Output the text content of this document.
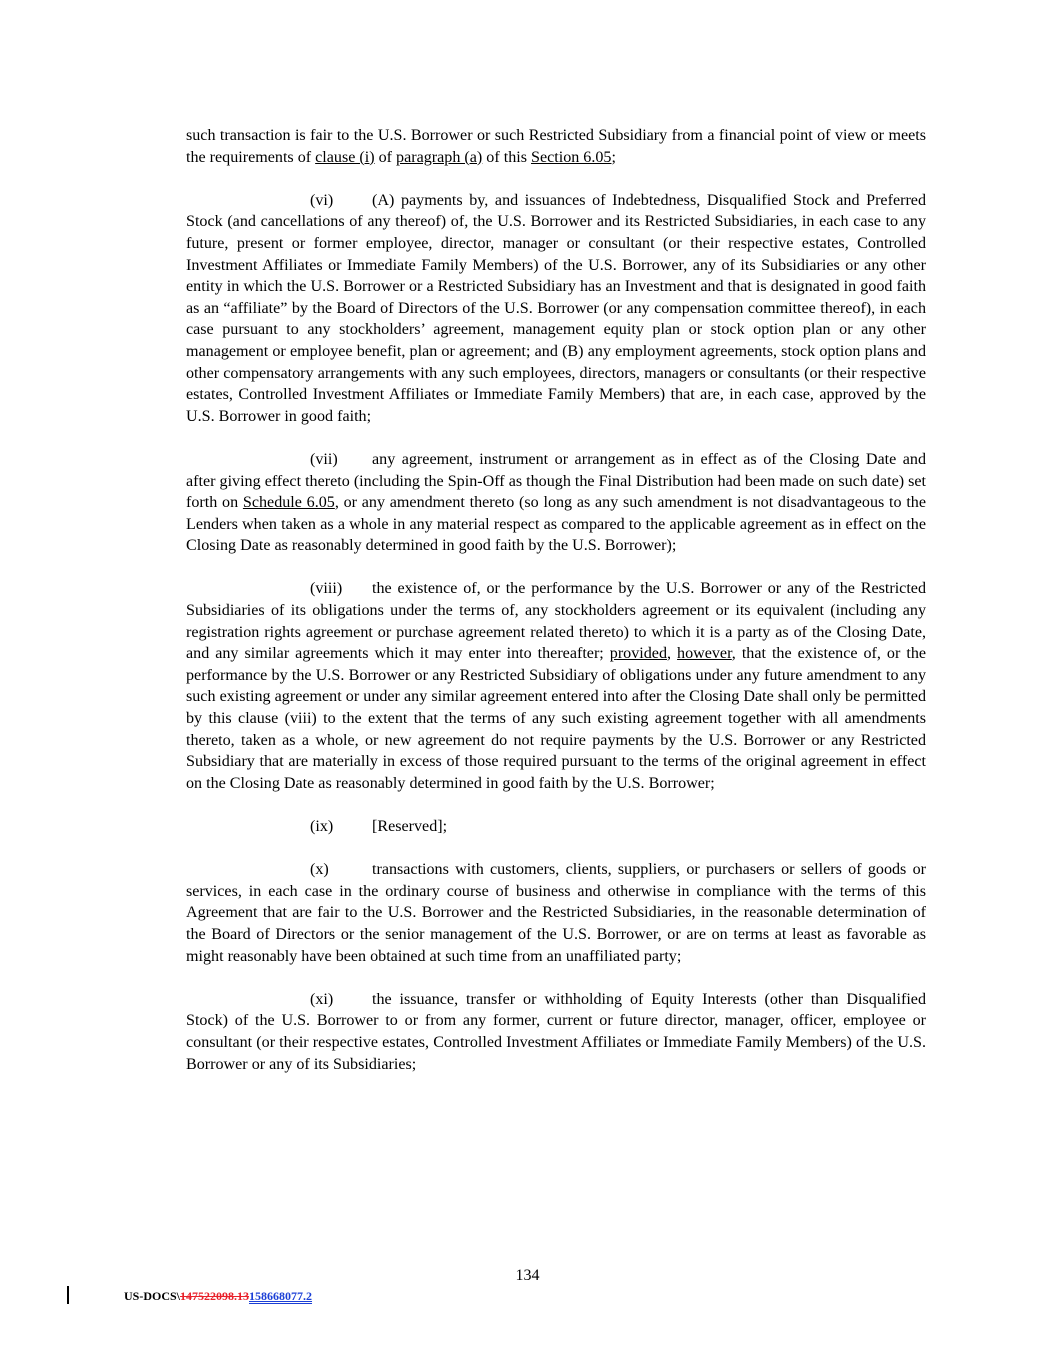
such transaction is fair to the U.S. Borrower or such Restricted Subsidiary from a financial point of view or meets the requirements of clause (i) of paragraph (a) of this Section 6.05;

(vi) (A) payments by, and issuances of Indebtedness, Disqualified Stock and Preferred Stock (and cancellations of any thereof) of, the U.S. Borrower and its Restricted Subsidiaries, in each case to any future, present or former employee, director, manager or consultant (or their respective estates, Controlled Investment Affiliates or Immediate Family Members) of the U.S. Borrower, any of its Subsidiaries or any other entity in which the U.S. Borrower or a Restricted Subsidiary has an Investment and that is designated in good faith as an “affiliate” by the Board of Directors of the U.S. Borrower (or any compensation committee thereof), in each case pursuant to any stockholders’ agreement, management equity plan or stock option plan or any other management or employee benefit, plan or agreement; and (B) any employment agreements, stock option plans and other compensatory arrangements with any such employees, directors, managers or consultants (or their respective estates, Controlled Investment Affiliates or Immediate Family Members) that are, in each case, approved by the U.S. Borrower in good faith;

(vii) any agreement, instrument or arrangement as in effect as of the Closing Date and after giving effect thereto (including the Spin-Off as though the Final Distribution had been made on such date) set forth on Schedule 6.05, or any amendment thereto (so long as any such amendment is not disadvantageous to the Lenders when taken as a whole in any material respect as compared to the applicable agreement as in effect on the Closing Date as reasonably determined in good faith by the U.S. Borrower);

(viii) the existence of, or the performance by the U.S. Borrower or any of the Restricted Subsidiaries of its obligations under the terms of, any stockholders agreement or its equivalent (including any registration rights agreement or purchase agreement related thereto) to which it is a party as of the Closing Date, and any similar agreements which it may enter into thereafter; provided, however, that the existence of, or the performance by the U.S. Borrower or any Restricted Subsidiary of obligations under any future amendment to any such existing agreement or under any similar agreement entered into after the Closing Date shall only be permitted by this clause (viii) to the extent that the terms of any such existing agreement together with all amendments thereto, taken as a whole, or new agreement do not require payments by the U.S. Borrower or any Restricted Subsidiary that are materially in excess of those required pursuant to the terms of the original agreement in effect on the Closing Date as reasonably determined in good faith by the U.S. Borrower;

(ix) [Reserved];

(x)	transactions with customers, clients, suppliers, or purchasers or sellers of goods or services, in each case in the ordinary course of business and otherwise in compliance with the terms of this Agreement that are fair to the U.S. Borrower and the Restricted Subsidiaries, in the reasonable determination of the Board of Directors or the senior management of the U.S. Borrower, or are on terms at least as favorable as might reasonably have been obtained at such time from an unaffiliated party;

(xi) the issuance, transfer or withholding of Equity Interests (other than Disqualified Stock) of the U.S. Borrower to or from any former, current or future director, manager, officer, employee or consultant (or their respective estates, Controlled Investment Affiliates or Immediate Family Members) of the U.S. Borrower or any of its Subsidiaries;

134
US-DOCS\147522098.13158668077.2
